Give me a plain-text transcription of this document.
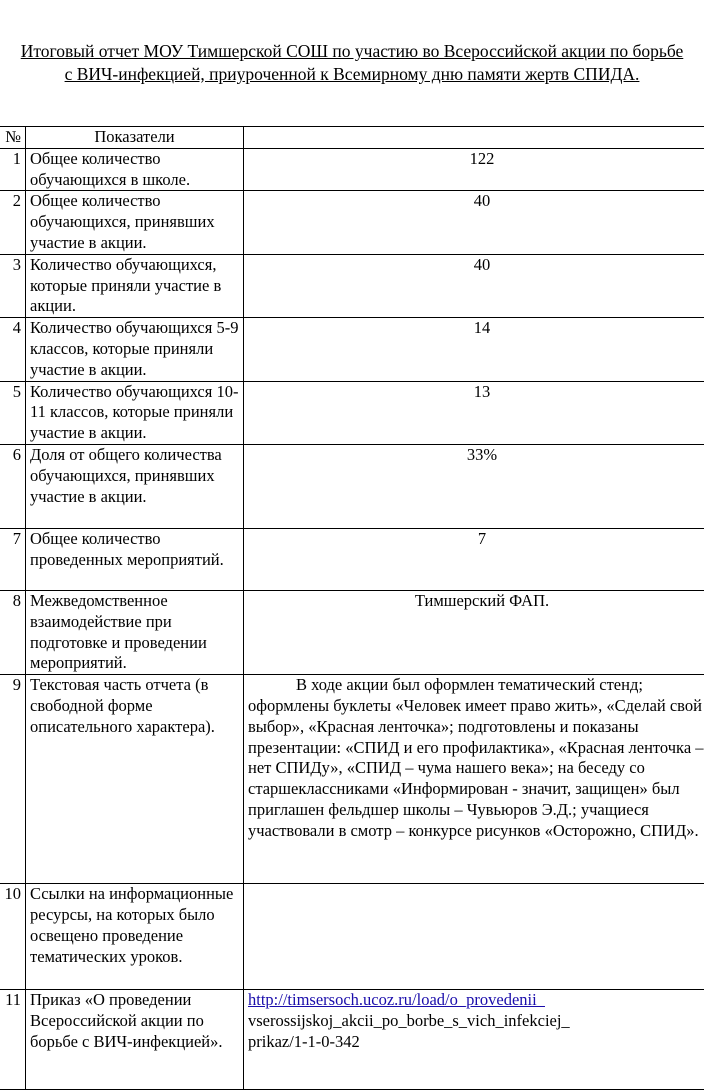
Итоговый отчет МОУ Тимшерской СОШ по участию во Всероссийской акции по борьбе
с ВИЧ-инфекцией, приуроченной к Всемирному дню памяти жертв СПИДА.
№	Показатели	
1	Общее количество обучающихся в школе.	122
2	Общее количество обучающихся, принявших участие в акции.	40
3	Количество обучающихся, которые приняли участие в акции.	40
4	Количество обучающихся 5-9 классов, которые приняли участие в акции.	14
5	Количество обучающихся 10-11 классов, которые приняли участие в акции.	13
6	Доля от общего количества обучающихся, принявших участие в акции.	33%
7	Общее количество проведенных мероприятий.	7
8	Межведомственное взаимодействие при подготовке и проведении мероприятий.	Тимшерский ФАП.
9	Текстовая часть отчета (в свободной форме описательного характера).	В ходе акции был оформлен тематический стенд; оформлены буклеты «Человек имеет право жить», «Сделай свой выбор», «Красная ленточка»; подготовлены и показаны презентации: «СПИД и его профилактика», «Красная ленточка – нет СПИДу», «СПИД – чума нашего века»; на беседу со старшеклассниками «Информирован - значит, защищен» был приглашен фельдшер школы – Чувьюров Э.Д.; учащиеся участвовали в смотр – конкурсе рисунков «Осторожно, СПИД».
10	Ссылки на информационные ресурсы, на которых было освещено проведение тематических уроков.	
11	Приказ «О проведении Всероссийской акции по борьбе с ВИЧ-инфекцией».	http://timsersoch.ucoz.ru/load/o_provedenii_
vserossijskoj_akcii_po_borbe_s_vich_infekciej_
prikaz/1-1-0-342
